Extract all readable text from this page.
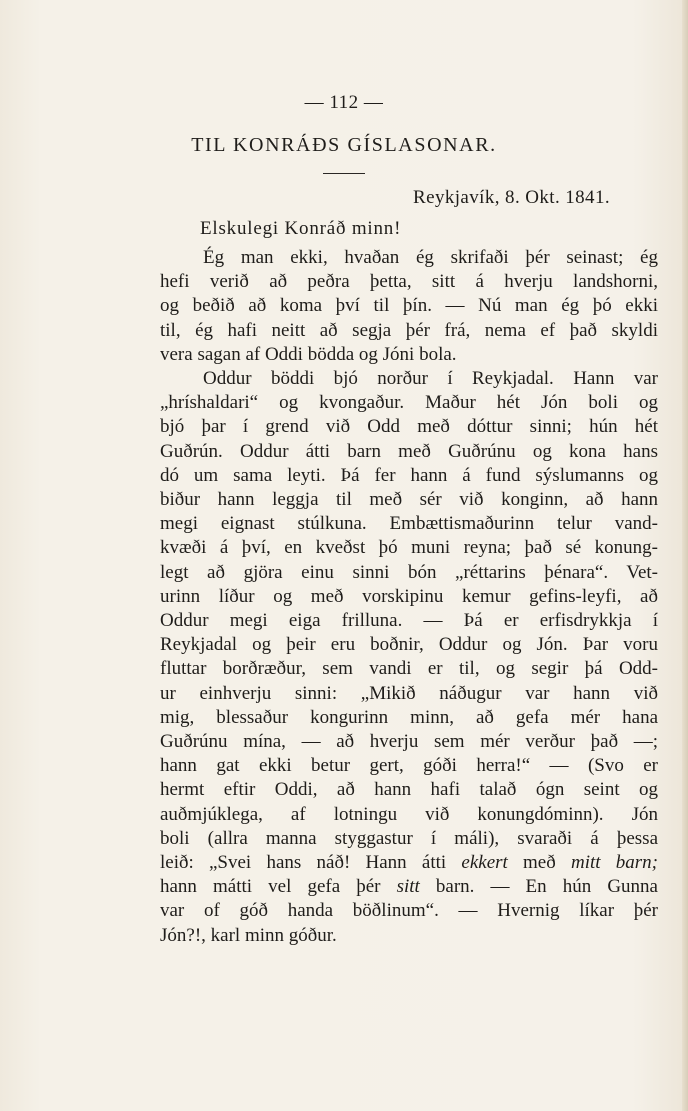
— 112 —
TIL KONRÁÐS GÍSLASONAR.
Reykjavík, 8. Okt. 1841.
Elskulegi Konráð minn!
Ég man ekki, hvaðan ég skrifaði þér seinast; ég
hefi verið að peðra þetta, sitt á hverju landshorni,
og beðið að koma því til þín. — Nú man ég þó ekki
til, ég hafi neitt að segja þér frá, nema ef það skyldi
vera sagan af Oddi bödda og Jóni bola.
Oddur böddi bjó norður í Reykjadal. Hann var
„hríshaldari“ og kvongaður. Maður hét Jón boli og
bjó þar í grend við Odd með dóttur sinni; hún hét
Guðrún. Oddur átti barn með Guðrúnu og kona hans
dó um sama leyti. Þá fer hann á fund sýslumanns og
biður hann leggja til með sér við konginn, að hann
megi eignast stúlkuna. Embættismaðurinn telur vand-
kvæði á því, en kveðst þó muni reyna; það sé konung-
legt að gjöra einu sinni bón „réttarins þénara“. Vet-
urinn líður og með vorskipinu kemur gefins-leyfi, að
Oddur megi eiga frilluna. — Þá er erfisdrykkja í
Reykjadal og þeir eru boðnir, Oddur og Jón. Þar voru
fluttar borðræður, sem vandi er til, og segir þá Odd-
ur einhverju sinni: „Mikið náðugur var hann við
mig, blessaður kongurinn minn, að gefa mér hana
Guðrúnu mína, — að hverju sem mér verður það —;
hann gat ekki betur gert, góði herra!“ — (Svo er
hermt eftir Oddi, að hann hafi talað ógn seint og
auðmjúklega, af lotningu við konungdóminn). Jón
boli (allra manna styggastur í máli), svaraði á þessa
leið: „Svei hans náð! Hann átti ekkert með mitt barn;
hann mátti vel gefa þér sitt barn. — En hún Gunna
var of góð handa böðlinum“. — Hvernig líkar þér
Jón?!, karl minn góður.
